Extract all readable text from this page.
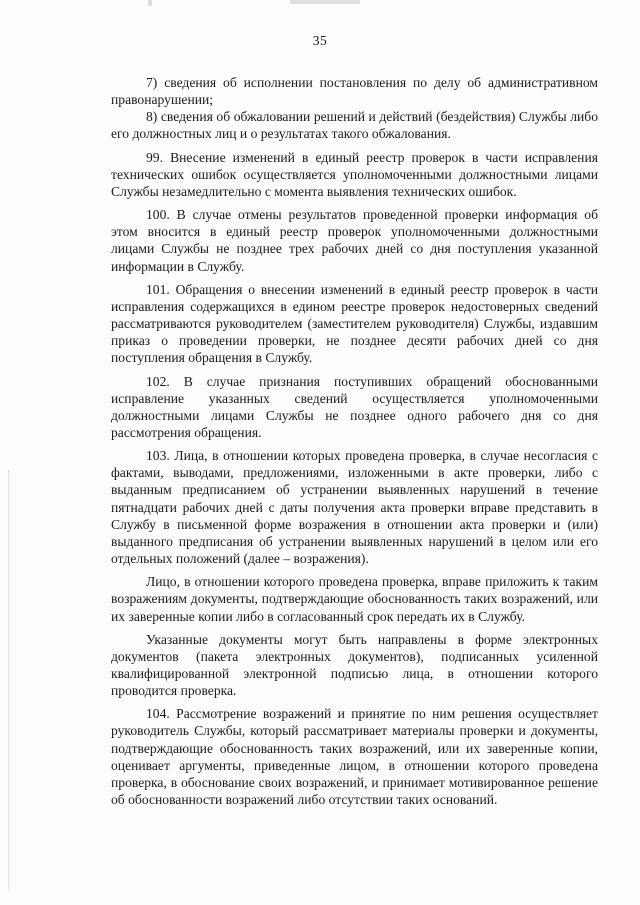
35

7) сведения об исполнении постановления по делу об административном правонарушении;

8) сведения об обжаловании решений и действий (бездействия) Службы либо его должностных лиц и о результатах такого обжалования.

99. Внесение изменений в единый реестр проверок в части исправления технических ошибок осуществляется уполномоченными должностными лицами Службы незамедлительно с момента выявления технических ошибок.

100. В случае отмены результатов проведенной проверки информация об этом вносится в единый реестр проверок уполномоченными должностными лицами Службы не позднее трех рабочих дней со дня поступления указанной информации в Службу.

101. Обращения о внесении изменений в единый реестр проверок в части исправления содержащихся в едином реестре проверок недостоверных сведений рассматриваются руководителем (заместителем руководителя) Службы, издавшим приказ о проведении проверки, не позднее десяти рабочих дней со дня поступления обращения в Службу.

102. В случае признания поступивших обращений обоснованными исправление указанных сведений осуществляется уполномоченными должностными лицами Службы не позднее одного рабочего дня со дня рассмотрения обращения.

103. Лица, в отношении которых проведена проверка, в случае несогласия с фактами, выводами, предложениями, изложенными в акте проверки, либо с выданным предписанием об устранении выявленных нарушений в течение пятнадцати рабочих дней с даты получения акта проверки вправе представить в Службу в письменной форме возражения в отношении акта проверки и (или) выданного предписания об устранении выявленных нарушений в целом или его отдельных положений (далее – возражения).

Лицо, в отношении которого проведена проверка, вправе приложить к таким возражениям документы, подтверждающие обоснованность таких возражений, или их заверенные копии либо в согласованный срок передать их в Службу.

Указанные документы могут быть направлены в форме электронных документов (пакета электронных документов), подписанных усиленной квалифицированной электронной подписью лица, в отношении которого проводится проверка.

104. Рассмотрение возражений и принятие по ним решения осуществляет руководитель Службы, который рассматривает материалы проверки и документы, подтверждающие обоснованность таких возражений, или их заверенные копии, оценивает аргументы, приведенные лицом, в отношении которого проведена проверка, в обоснование своих возражений, и принимает мотивированное решение об обоснованности возражений либо отсутствии таких оснований.
